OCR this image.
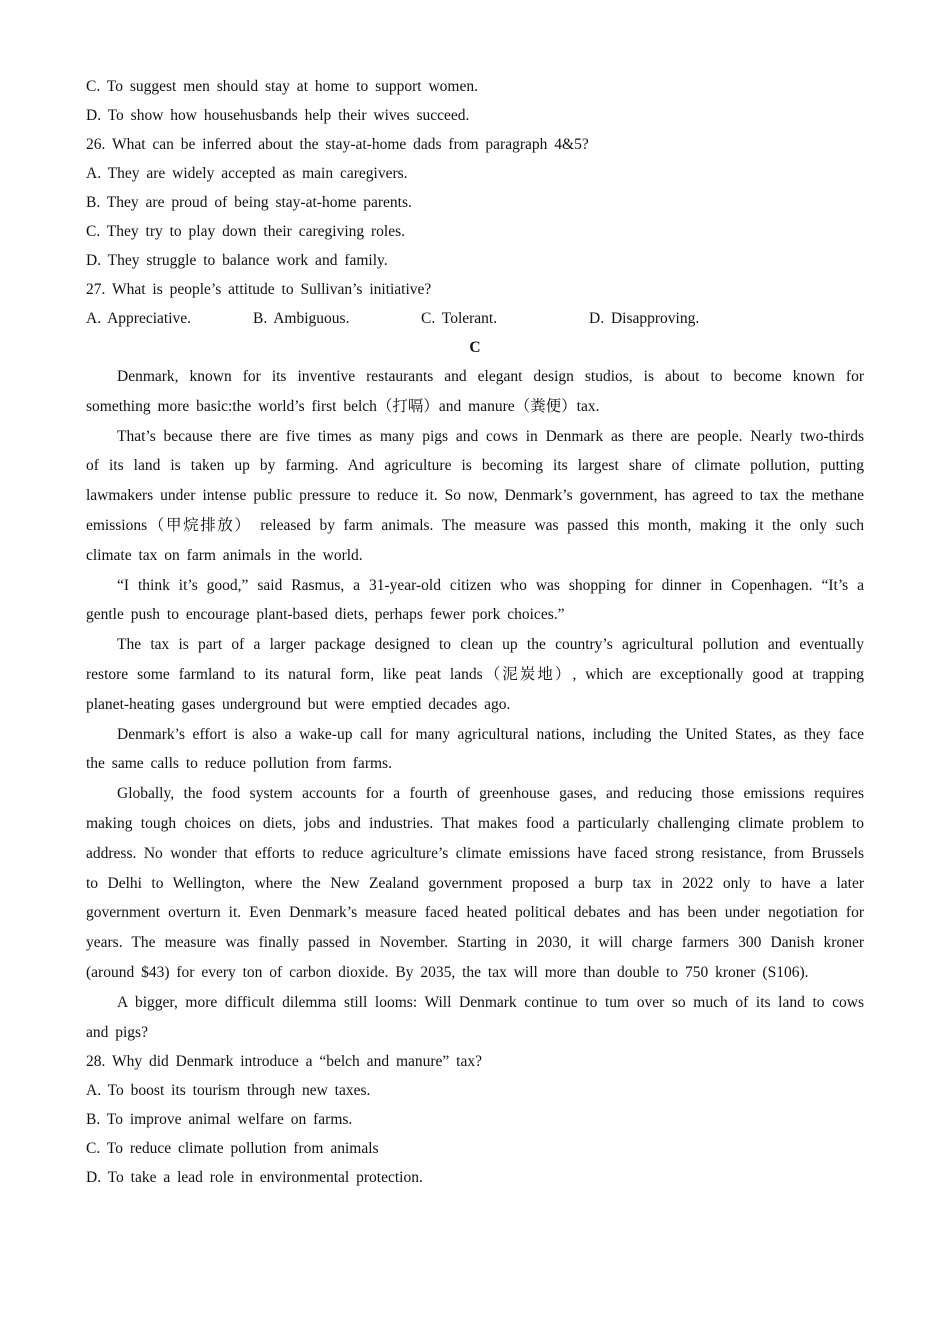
C. To suggest men should stay at home to support women.
D. To show how househusbands help their wives succeed.
26. What can be inferred about the stay-at-home dads from paragraph 4&5?
A. They are widely accepted as main caregivers.
B. They are proud of being stay-at-home parents.
C. They try to play down their caregiving roles.
D. They struggle to balance work and family.
27. What is people’s attitude to Sullivan’s initiative?
A. Appreciative.	B. Ambiguous.	C. Tolerant.	D. Disapproving.
C

Denmark, known for its inventive restaurants and elegant design studios, is about to become known for something more basic:the world’s first belch（打嗝）and manure（粪便）tax.

That’s because there are five times as many pigs and cows in Denmark as there are people. Nearly two-thirds of its land is taken up by farming. And agriculture is becoming its largest share of climate pollution, putting lawmakers under intense public pressure to reduce it. So now, Denmark’s government, has agreed to tax the methane emissions（甲烷排放） released by farm animals. The measure was passed this month, making it the only such climate tax on farm animals in the world.

“I think it’s good,” said Rasmus, a 31-year-old citizen who was shopping for dinner in Copenhagen. “It’s a gentle push to encourage plant-based diets, perhaps fewer pork choices.”

The tax is part of a larger package designed to clean up the country’s agricultural pollution and eventually restore some farmland to its natural form, like peat lands（泥炭地）, which are exceptionally good at trapping planet-heating gases underground but were emptied decades ago.

Denmark’s effort is also a wake-up call for many agricultural nations, including the United States, as they face the same calls to reduce pollution from farms.

Globally, the food system accounts for a fourth of greenhouse gases, and reducing those emissions requires making tough choices on diets, jobs and industries. That makes food a particularly challenging climate problem to address. No wonder that efforts to reduce agriculture’s climate emissions have faced strong resistance, from Brussels to Delhi to Wellington, where the New Zealand government proposed a burp tax in 2022 only to have a later government overturn it. Even Denmark’s measure faced heated political debates and has been under negotiation for years. The measure was finally passed in November. Starting in 2030, it will charge farmers 300 Danish kroner (around $43) for every ton of carbon dioxide. By 2035, the tax will more than double to 750 kroner (S106).

A bigger, more difficult dilemma still looms: Will Denmark continue to tum over so much of its land to cows and pigs?

28. Why did Denmark introduce a “belch and manure” tax?
A. To boost its tourism through new taxes.
B. To improve animal welfare on farms.
C. To reduce climate pollution from animals
D. To take a lead role in environmental protection.
